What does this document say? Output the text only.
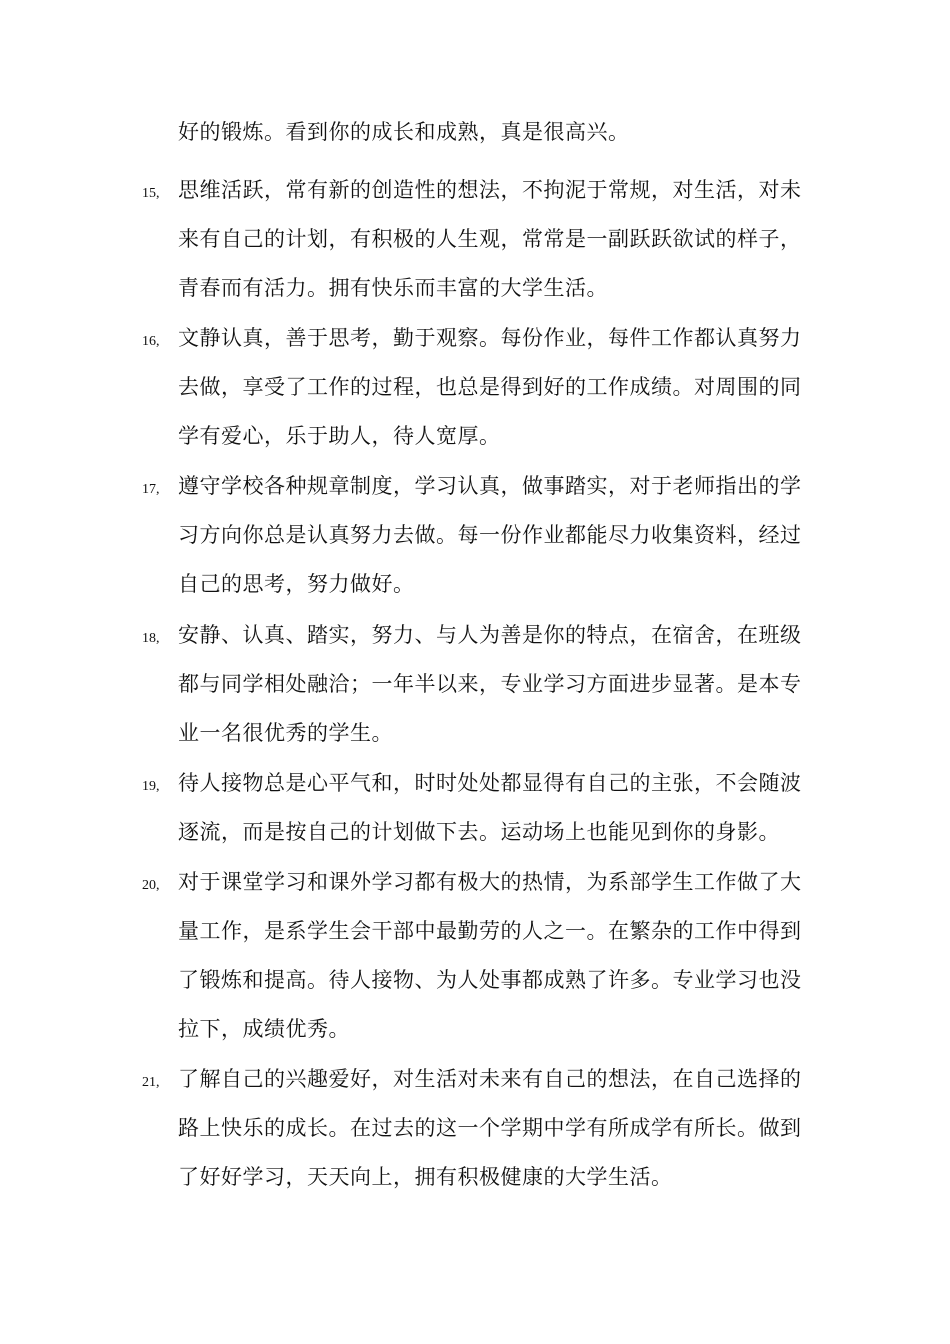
好的锻炼。看到你的成长和成熟，真是很高兴。
15, 思维活跃，常有新的创造性的想法，不拘泥于常规，对生活，对未
来有自己的计划，有积极的人生观，常常是一副跃跃欲试的样子，
青春而有活力。拥有快乐而丰富的大学生活。
16, 文静认真，善于思考，勤于观察。每份作业，每件工作都认真努力
去做，享受了工作的过程，也总是得到好的工作成绩。对周围的同
学有爱心，乐于助人，待人宽厚。
17, 遵守学校各种规章制度，学习认真，做事踏实，对于老师指出的学
习方向你总是认真努力去做。每一份作业都能尽力收集资料，经过
自己的思考，努力做好。
18, 安静、认真、踏实，努力、与人为善是你的特点，在宿舍，在班级
都与同学相处融洽；一年半以来，专业学习方面进步显著。是本专
业一名很优秀的学生。
19, 待人接物总是心平气和，时时处处都显得有自己的主张，不会随波
逐流，而是按自己的计划做下去。运动场上也能见到你的身影。
20, 对于课堂学习和课外学习都有极大的热情，为系部学生工作做了大
量工作，是系学生会干部中最勤劳的人之一。在繁杂的工作中得到
了锻炼和提高。待人接物、为人处事都成熟了许多。专业学习也没
拉下，成绩优秀。
21, 了解自己的兴趣爱好，对生活对未来有自己的想法，在自己选择的
路上快乐的成长。在过去的这一个学期中学有所成学有所长。做到
了好好学习，天天向上，拥有积极健康的大学生活。
